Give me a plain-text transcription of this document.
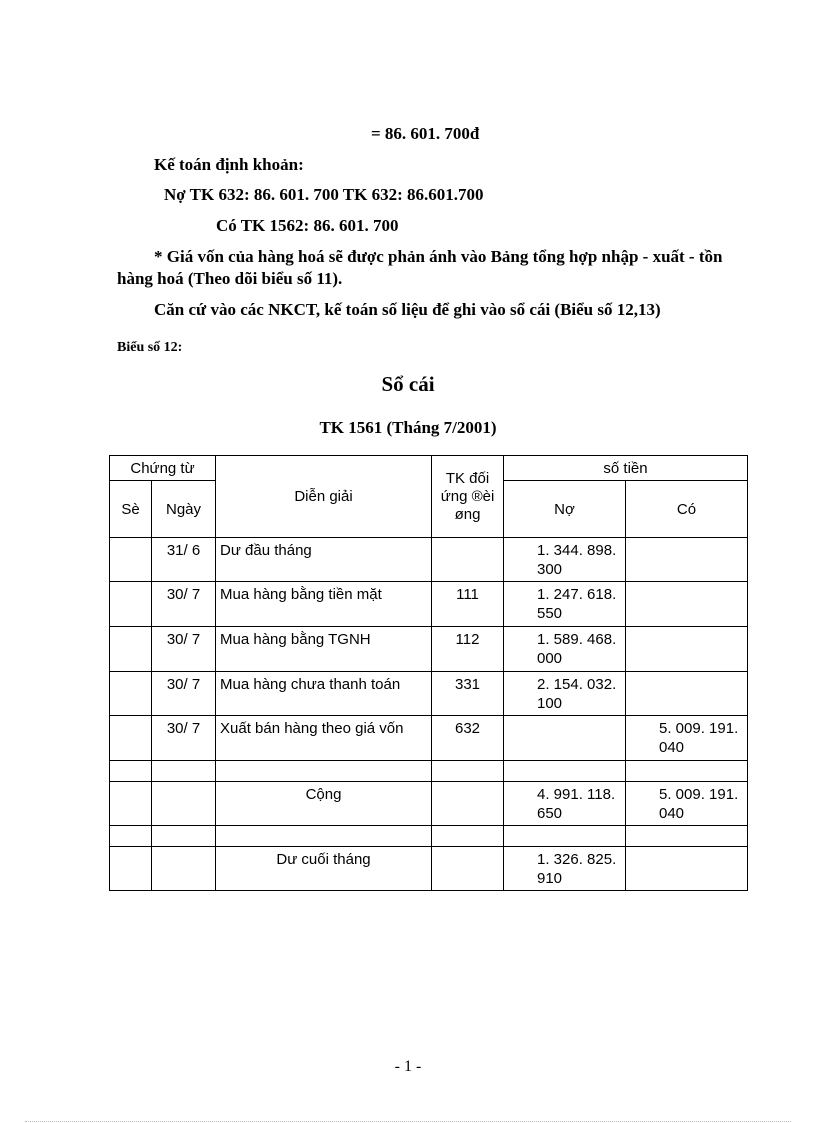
= 86. 601. 700đ
Kế toán định khoản:
Nợ TK 632: 86. 601. 700 TK 632: 86.601.700
Có TK 1562: 86. 601. 700
* Giá vốn của hàng hoá sẽ được phản ánh vào Bảng tổng hợp nhập - xuất - tồn hàng hoá (Theo dõi biểu số 11).
Căn cứ vào các NKCT, kế toán số liệu để ghi vào sổ cái (Biểu số 12,13)
Biểu số 12:
Sổ cái
TK 1561 (Tháng 7/2001)
Chứng từ		Diễn giải	TK đối ứng ®èi øng	số tiền	
Sè	Ngày			Nợ	Có
	31/ 6	Dư đầu tháng		1. 344. 898. 300	
	30/ 7	Mua hàng bằng tiền mặt	111	1. 247. 618. 550	
	30/ 7	Mua hàng bằng TGNH	112	1. 589. 468. 000	
	30/ 7	Mua hàng chưa thanh toán	331	2. 154. 032. 100	
	30/ 7	Xuất bán hàng theo giá vốn	632		5. 009. 191. 040

		Cộng		4. 991. 118. 650	5. 009. 191. 040

		Dư cuối tháng		1. 326. 825. 910	
- 1 -
